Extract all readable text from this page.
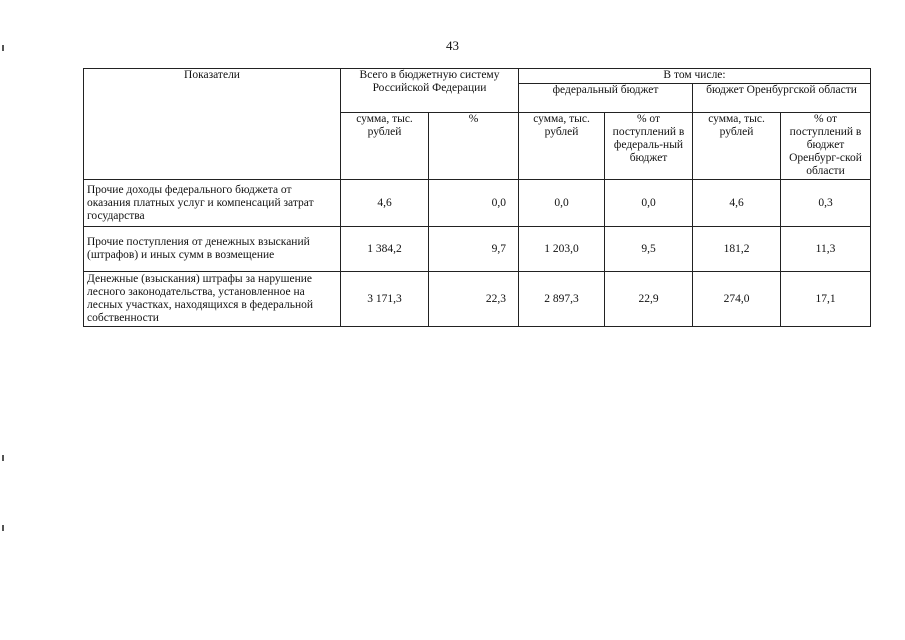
43
Показатели	Всего в бюджетную систему Российской Федерации		В том числе:			
			федеральный бюджет		бюджет Оренбургской области	
	сумма, тыс. рублей	%	сумма, тыс. рублей	% от поступлений в федераль-ный бюджет	сумма, тыс. рублей	% от поступлений в бюджет Оренбург-ской области
Прочие доходы федерального бюджета от оказания платных услуг и компенсаций затрат государства	4,6	0,0	0,0	0,0	4,6	0,3
Прочие поступления от денежных взысканий (штрафов) и иных сумм в возмещение	1 384,2	9,7	1 203,0	9,5	181,2	11,3
Денежные (взыскания) штрафы за нарушение лесного законодательства, установленное на лесных участках, находящихся в федеральной собственности	3 171,3	22,3	2 897,3	22,9	274,0	17,1
